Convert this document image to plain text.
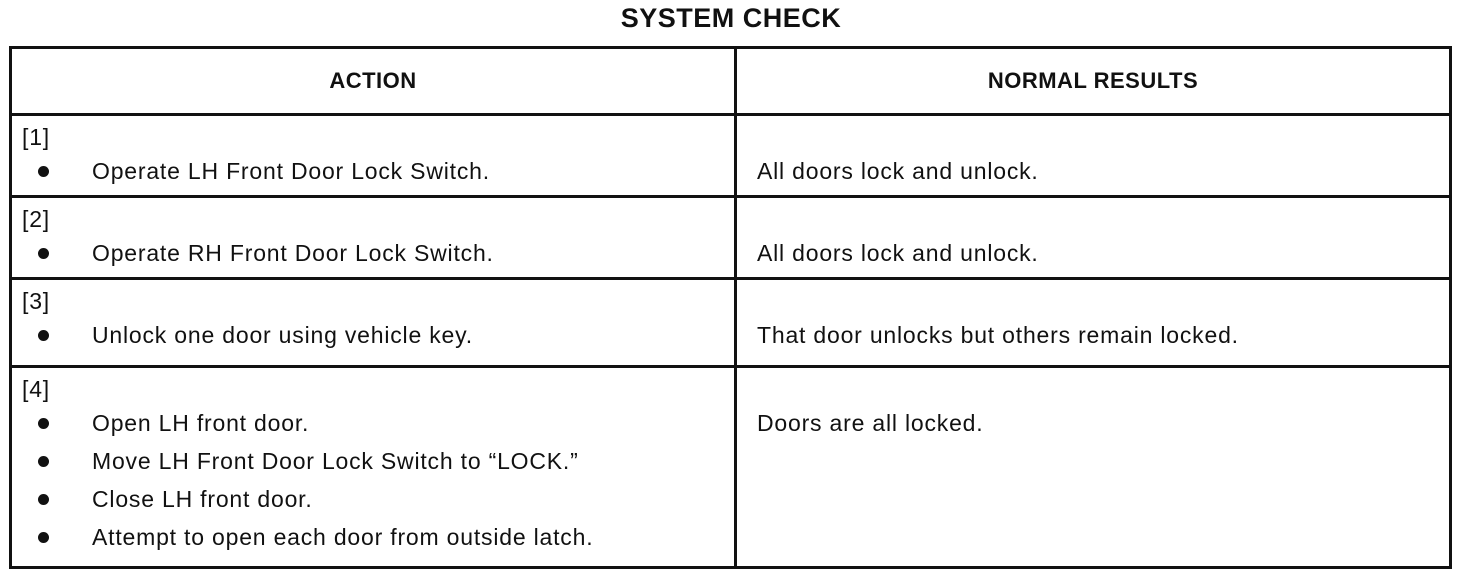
SYSTEM CHECK
ACTION	NORMAL RESULTS

[1]
Operate LH Front Door Lock Switch.	All doors lock and unlock.

[2]
Operate RH Front Door Lock Switch.	All doors lock and unlock.

[3]
Unlock one door using vehicle key.	That door unlocks but others remain locked.

[4]
Open LH front door.
Move LH Front Door Lock Switch to “LOCK.”
Close LH front door.
Attempt to open each door from outside latch.	Doors are all locked.
